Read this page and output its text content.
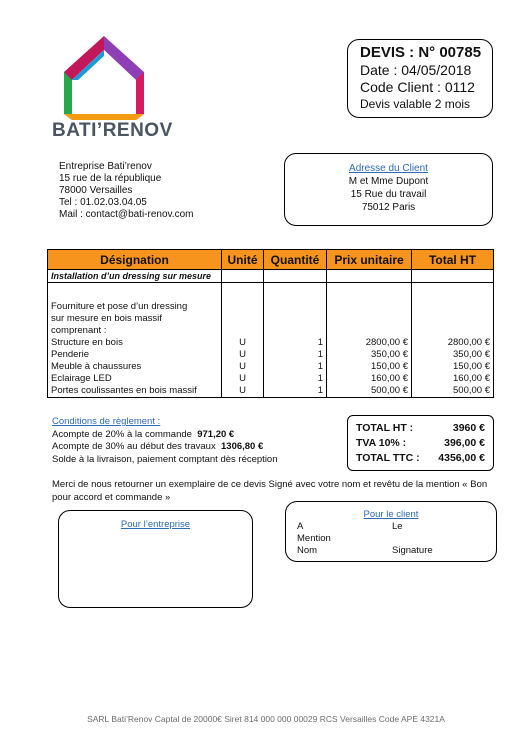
BATI’RENOV
DEVIS : N° 00785
Date : 04/05/2018
Code Client : 0112
Devis valable 2 mois
Entreprise Bati’renov
15 rue de la république
78000 Versailles
Tel : 01.02.03.04.05
Mail : contact@bati-renov.com
Adresse du Client
M et Mme Dupont
15 Rue du travail
75012 Paris
Désignation	Unité	Quantité	Prix unitaire	Total HT
Installation d’un dressing sur mesure				

Fourniture et pose d’un dressing				
sur mesure en bois massif				
comprenant :				
Structure en bois	U	1	2800,00 €	2800,00 €
Penderie	U	1	350,00 €	350,00 €
Meuble à chaussures	U	1	150,00 €	150,00 €
Eclairage LED	U	1	160,00 €	160,00 €
Portes coulissantes en bois massif	U	1	500,00 €	500,00 €
Conditions de règlement :
Acompte de 20% à la commande 971,20 €
Acompte de 30% au début des travaux 1306,80 €
Solde à la livraison, paiement comptant dès réception
TOTAL HT :	3960 €
TVA 10% :	396,00 €
TOTAL TTC : 4356,00 €
Merci de nous retourner un exemplaire de ce devis Signé avec votre nom et revêtu de la mention « Bon pour accord et commande »
Pour l’entreprise
Pour le client
A	Le
Mention
Nom	Signature
SARL Bati’Renov Captal de 20000€ Siret 814 000 000 00029 RCS Versailles Code APE 4321A
